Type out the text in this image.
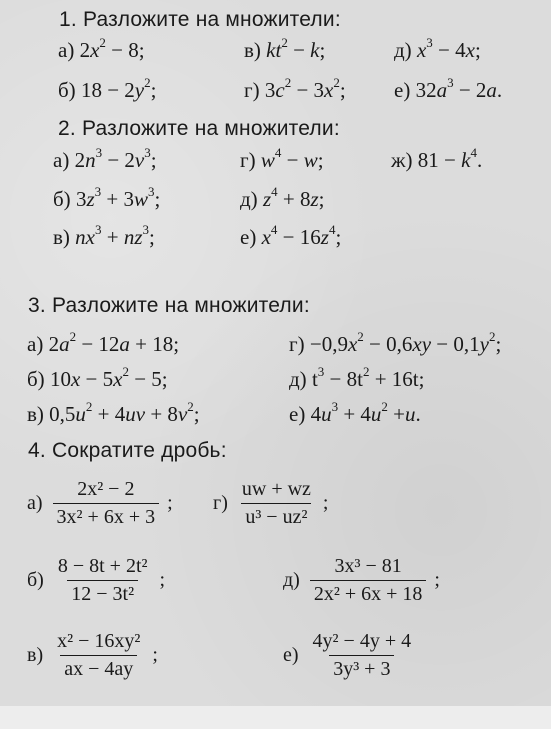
1. Разложите на множители:
а) $2x^2 - 8$;	в) $kt^2 - k$;	д) $x^3 - 4x$;
б) $18 - 2y^2$;	г) $3c^2 - 3x^2$; е) $32a^3 - 2a$.
2. Разложите на множители:
а) $2n^3 - 2v^3$;	г) $w^4 - w$;	ж) $81 - k^4$.
б) $3z^3 + 3w^3$;	д) $z^4 + 8z$;
в) $nx^3 + nz^3$;	е) $x^4 - 16z^4$;
3. Разложите на множители:
а) $2a^2 - 12a + 18$;	$г) -0,9x^2 - 0,6xy - 0,1y^2$;
б) $10x - 5x^2 - 5$;	д) $t^3 - 8t^2 + 16t$;
в) $0,5u^2 + 4uv + 8v^2$;	е) $4u^3 + 4u^2 +u$.
4. Сократите дробь:
$а) \frac{\text{2x² − 2}}{\text{3x² + 6x + 3}}$ ; $г) \frac{uw + wz}{\text{u³ − uz²}}$ ;
$б) \frac{\text{8 − 8t + 2t²}}{\text{12 − 3t²}}$ ;	$д) \frac{\text{3x³ − 81}}{\text{2x² + 6x + 18}}$ ;
$в) \frac{\text{x² − 16xy²}}{ax - 4ay}$ ;	$е) \frac{\text{4y² − 4y + 4}}{\text{3y³ + 3}}$
